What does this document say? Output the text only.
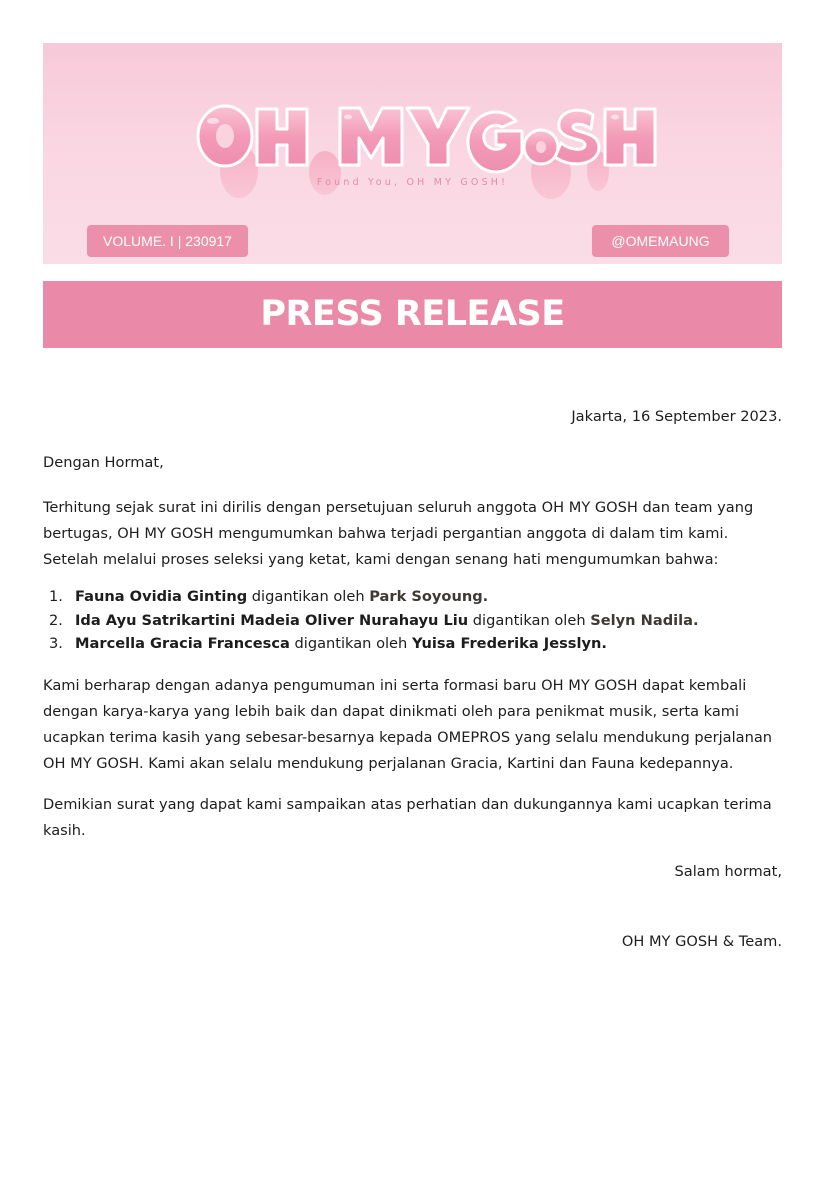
Found You, OH MY GOSH!
VOLUME. I | 230917	@OMEMAUNG
PRESS RELEASE

Jakarta, 16 September 2023.

Dengan Hormat,

Terhitung sejak surat ini dirilis dengan persetujuan seluruh anggota OH MY GOSH dan team yang bertugas, OH MY GOSH mengumumkan bahwa terjadi pergantian anggota di dalam tim kami. Setelah melalui proses seleksi yang ketat, kami dengan senang hati mengumumkan bahwa:

1. Fauna Ovidia Ginting digantikan oleh Park Soyoung.
2. Ida Ayu Satrikartini Madeia Oliver Nurahayu Liu digantikan oleh Selyn Nadila.
3. Marcella Gracia Francesca digantikan oleh Yuisa Frederika Jesslyn.

Kami berharap dengan adanya pengumuman ini serta formasi baru OH MY GOSH dapat kembali dengan karya-karya yang lebih baik dan dapat dinikmati oleh para penikmat musik, serta kami ucapkan terima kasih yang sebesar-besarnya kepada OMEPROS yang selalu mendukung perjalanan OH MY GOSH. Kami akan selalu mendukung perjalanan Gracia, Kartini dan Fauna kedepannya.

Demikian surat yang dapat kami sampaikan atas perhatian dan dukungannya kami ucapkan terima kasih.

Salam hormat,

OH MY GOSH & Team.
